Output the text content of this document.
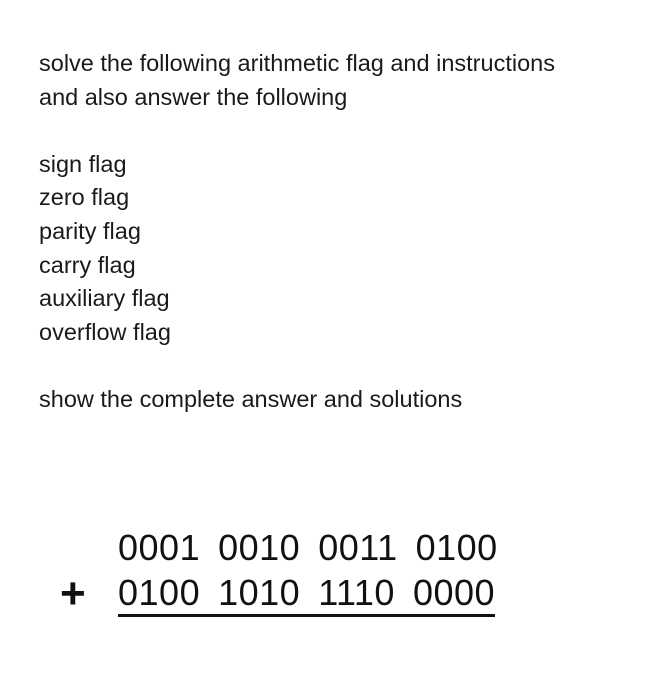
solve the following arithmetic flag and instructions

and also answer the following

sign flag
zero flag
parity flag
carry flag
auxiliary flag
overflow flag

show the complete answer and solutions

0001 0010 0011 0100
+ 0100 1010 1110 0000
